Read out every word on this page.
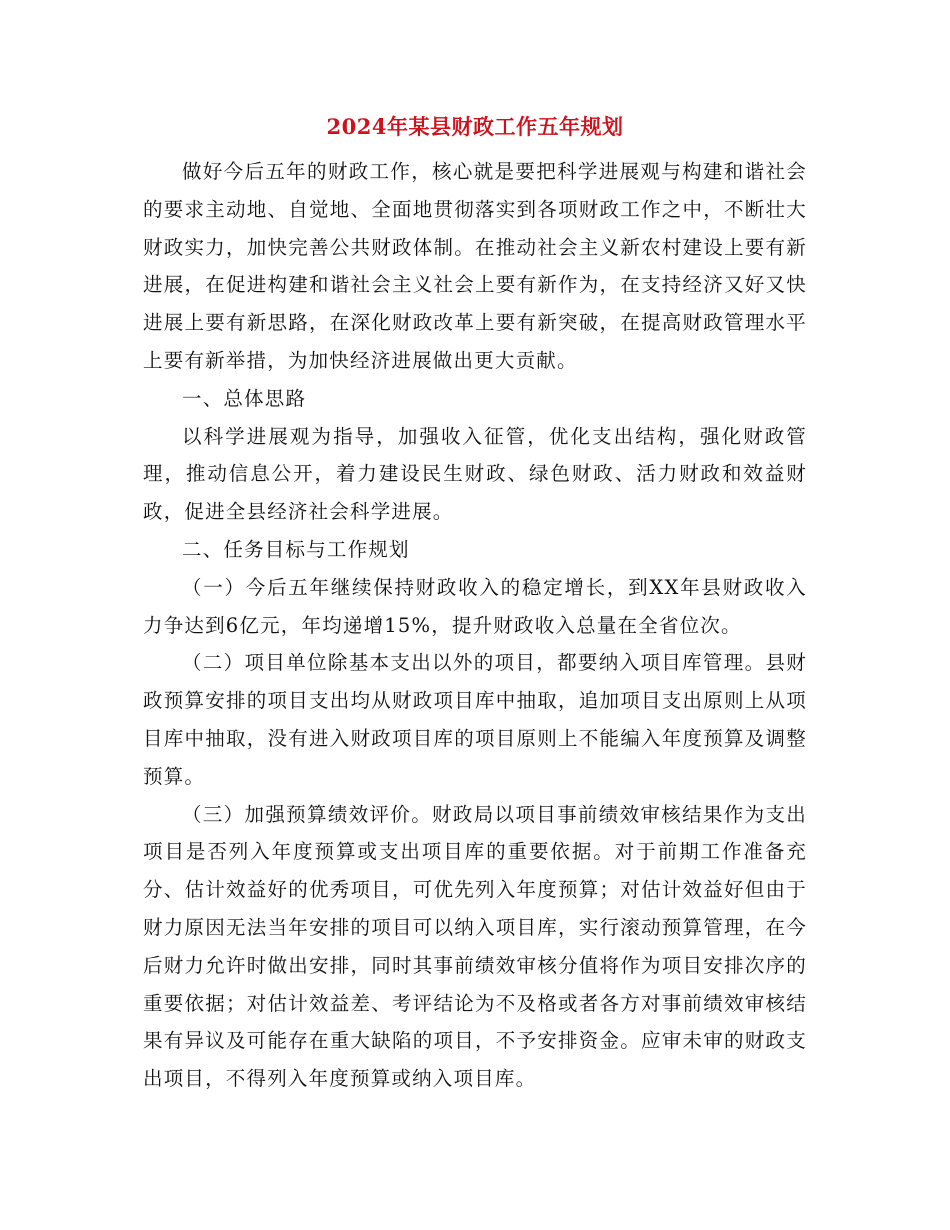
2024年某县财政工作五年规划

做好今后五年的财政工作，核心就是要把科学进展观与构建和谐社会的要求主动地、自觉地、全面地贯彻落实到各项财政工作之中，不断壮大财政实力，加快完善公共财政体制。在推动社会主义新农村建设上要有新进展，在促进构建和谐社会主义社会上要有新作为，在支持经济又好又快进展上要有新思路，在深化财政改革上要有新突破，在提高财政管理水平上要有新举措，为加快经济进展做出更大贡献。

一、总体思路

以科学进展观为指导，加强收入征管，优化支出结构，强化财政管理，推动信息公开，着力建设民生财政、绿色财政、活力财政和效益财政，促进全县经济社会科学进展。

二、任务目标与工作规划

（一）今后五年继续保持财政收入的稳定增长，到XX年县财政收入力争达到6亿元，年均递增15%，提升财政收入总量在全省位次。

（二）项目单位除基本支出以外的项目，都要纳入项目库管理。县财政预算安排的项目支出均从财政项目库中抽取，追加项目支出原则上从项目库中抽取，没有进入财政项目库的项目原则上不能编入年度预算及调整预算。

（三）加强预算绩效评价。财政局以项目事前绩效审核结果作为支出项目是否列入年度预算或支出项目库的重要依据。对于前期工作准备充分、估计效益好的优秀项目，可优先列入年度预算；对估计效益好但由于财力原因无法当年安排的项目可以纳入项目库，实行滚动预算管理，在今后财力允许时做出安排，同时其事前绩效审核分值将作为项目安排次序的重要依据；对估计效益差、考评结论为不及格或者各方对事前绩效审核结果有异议及可能存在重大缺陷的项目，不予安排资金。应审未审的财政支出项目，不得列入年度预算或纳入项目库。
